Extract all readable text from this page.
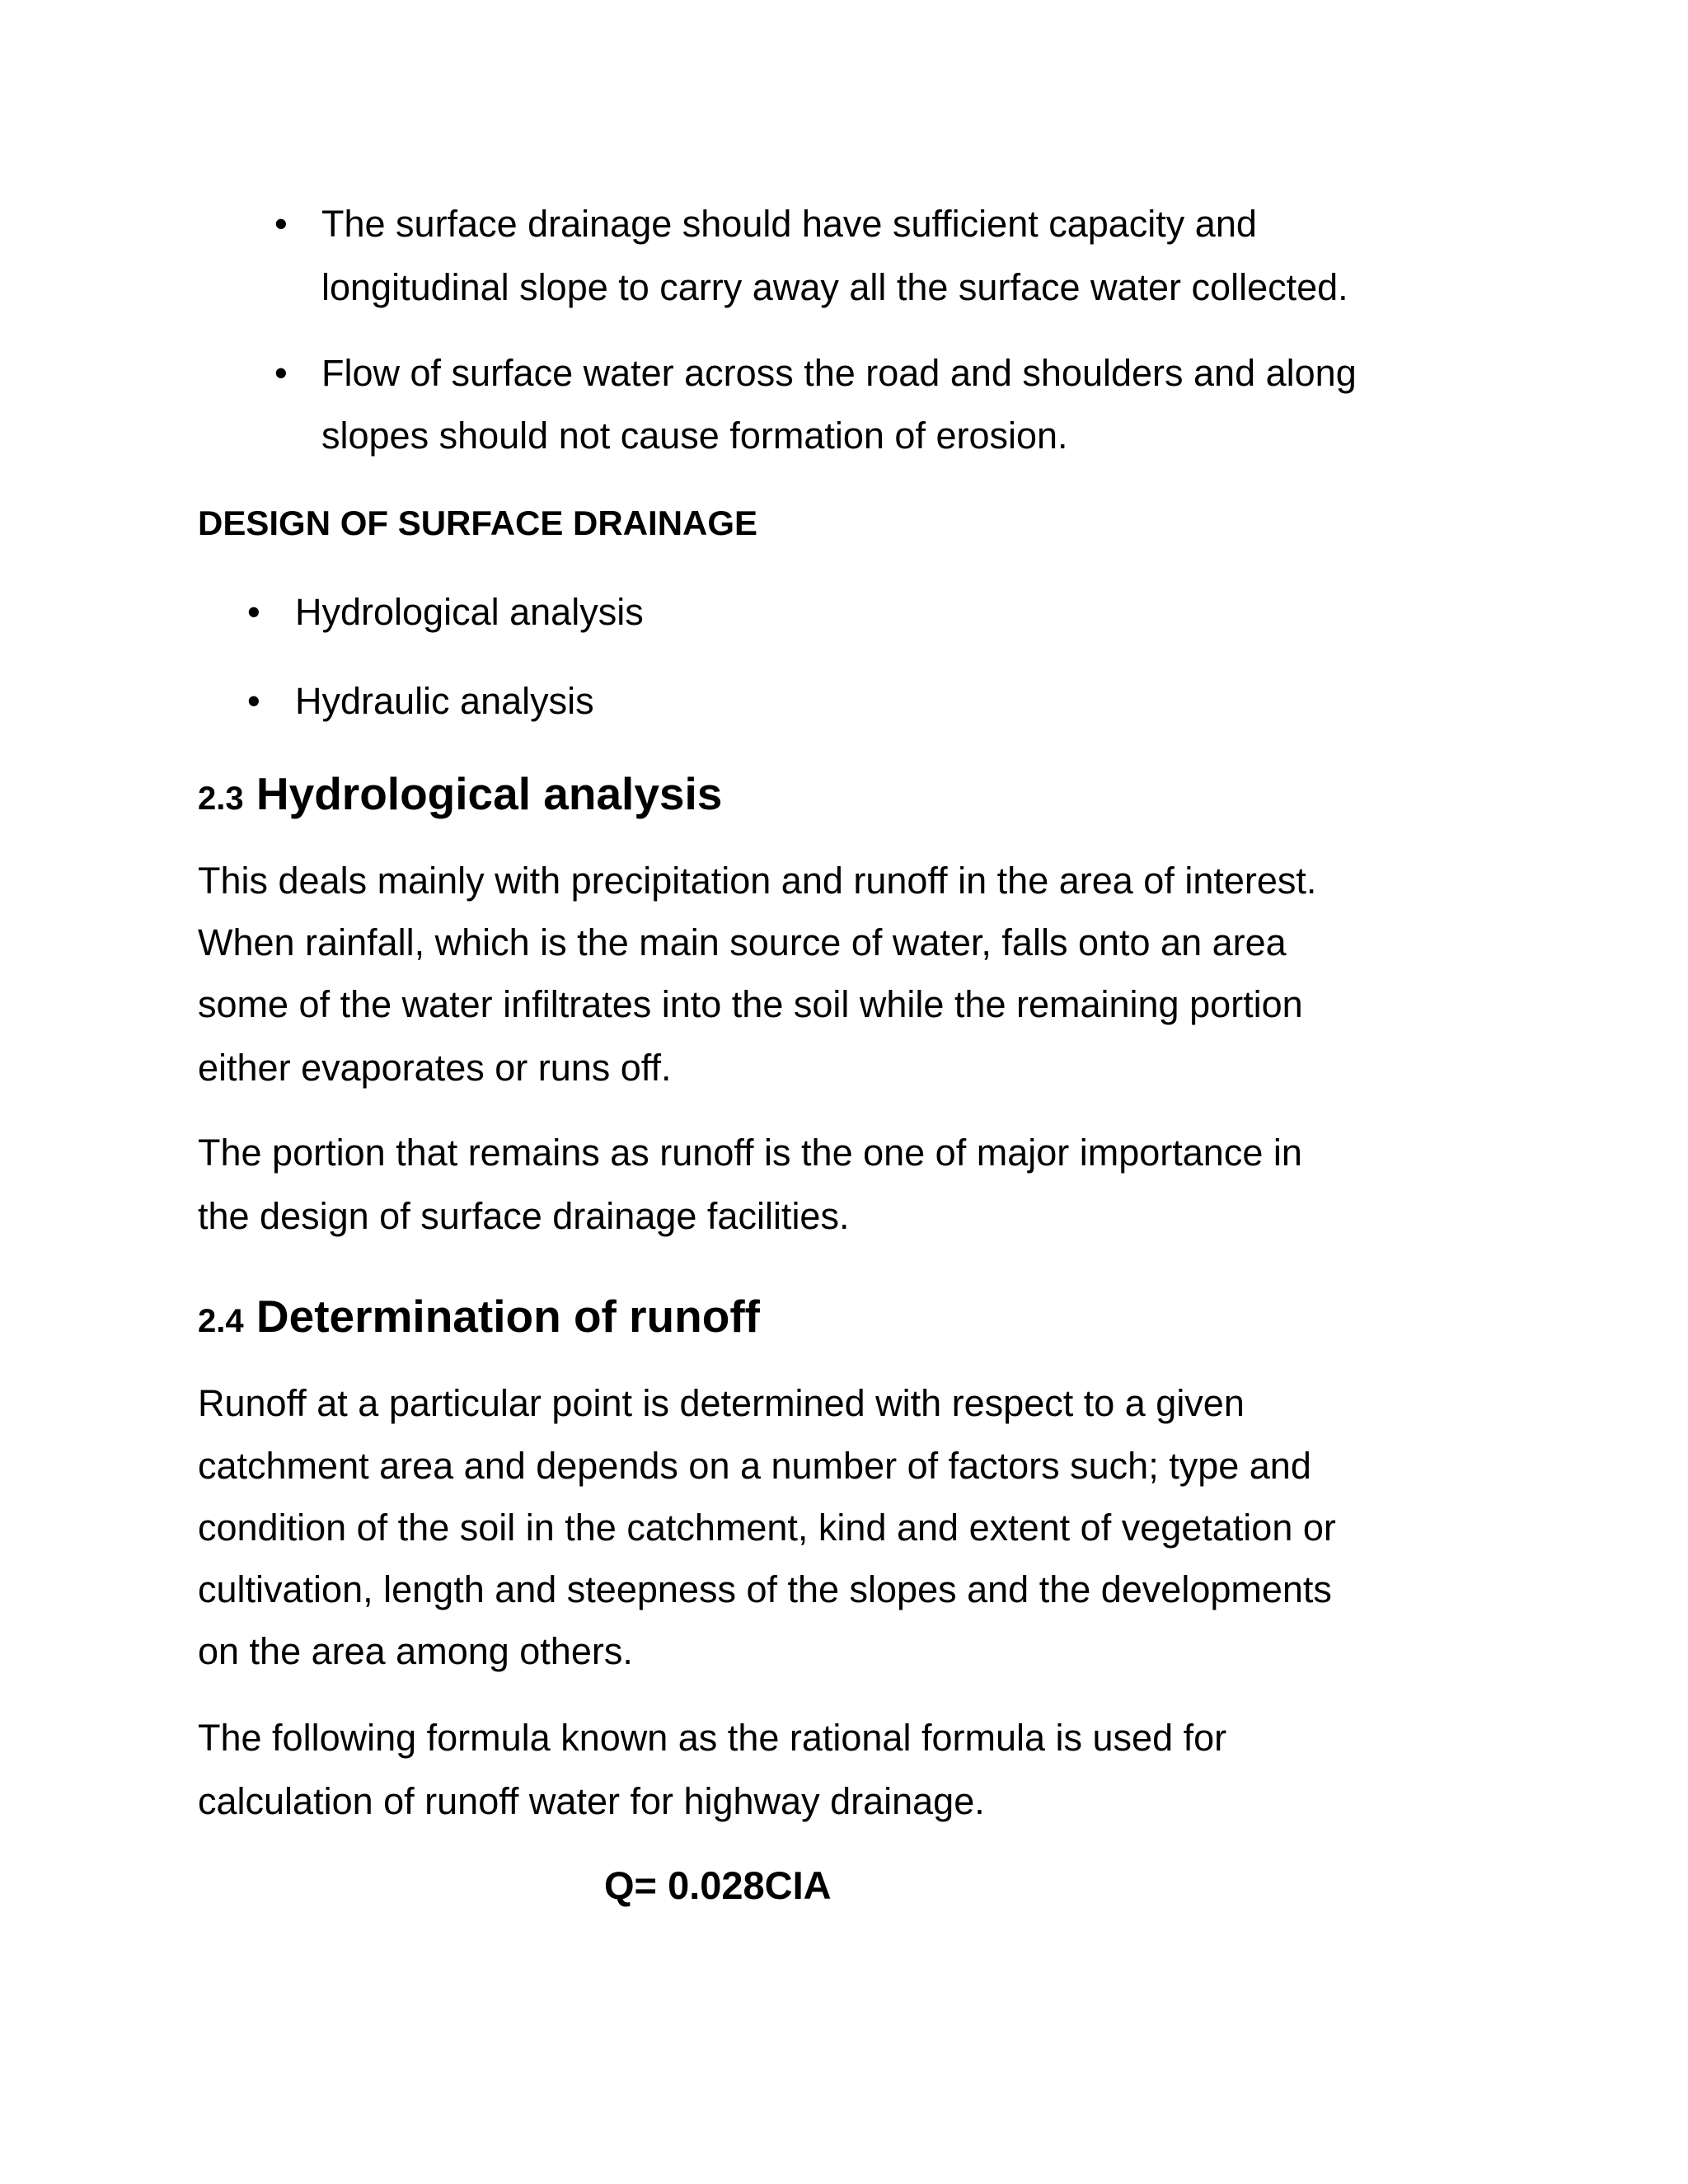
• The surface drainage should have sufficient capacity and
longitudinal slope to carry away all the surface water collected.
• Flow of surface water across the road and shoulders and along
slopes should not cause formation of erosion.
DESIGN OF SURFACE DRAINAGE
• Hydrological analysis
• Hydraulic analysis
2.3 Hydrological analysis
This deals mainly with precipitation and runoff in the area of interest.
When rainfall, which is the main source of water, falls onto an area
some of the water infiltrates into the soil while the remaining portion
either evaporates or runs off.
The portion that remains as runoff is the one of major importance in
the design of surface drainage facilities.
2.4 Determination of runoff
Runoff at a particular point is determined with respect to a given
catchment area and depends on a number of factors such; type and
condition of the soil in the catchment, kind and extent of vegetation or
cultivation, length and steepness of the slopes and the developments
on the area among others.
The following formula known as the rational formula is used for
calculation of runoff water for highway drainage.
Q= 0.028CIA
